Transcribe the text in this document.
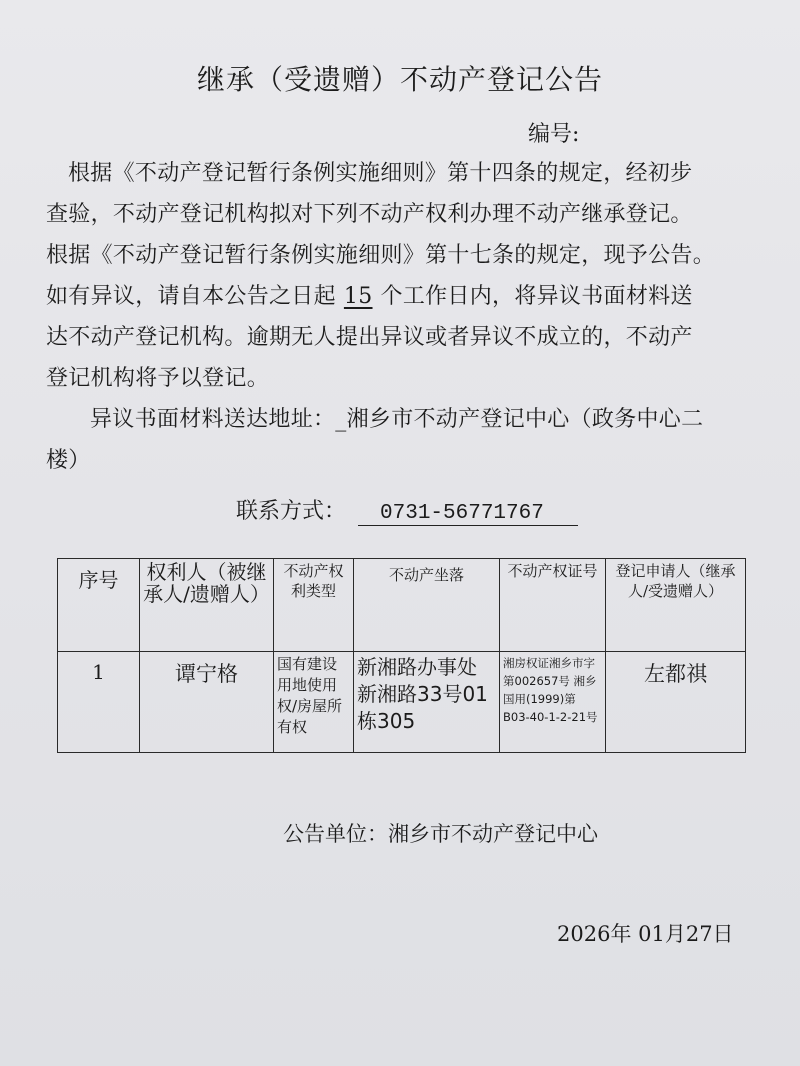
继承（受遗赠）不动产登记公告
编号:

根据《不动产登记暂行条例实施细则》第十四条的规定，经初步

查验，不动产登记机构拟对下列不动产权利办理不动产继承登记。

根据《不动产登记暂行条例实施细则》第十七条的规定，现予公告。

如有异议，请自本公告之日起 15 个工作日内，将异议书面材料送

达不动产登记机构。逾期无人提出异议或者异议不成立的，不动产

登记机构将予以登记。

异议书面材料送达地址：_湘乡市不动产登记中心（政务中心二

楼）

联系方式： 0731-56771767
序号	权利人（被继承人/遗赠人）	不动产权利类型	不动产坐落	不动产权证号	登记申请人（继承人/受遗赠人）
1	谭宁格	国有建设用地使用权/房屋所有权	新湘路办事处新湘路33号01栋305	湘房权证湘乡市字第002657号 湘乡国用(1999)第B03-40-1-2-21号	左都祺
公告单位：湘乡市不动产登记中心
2026年 01月27日
